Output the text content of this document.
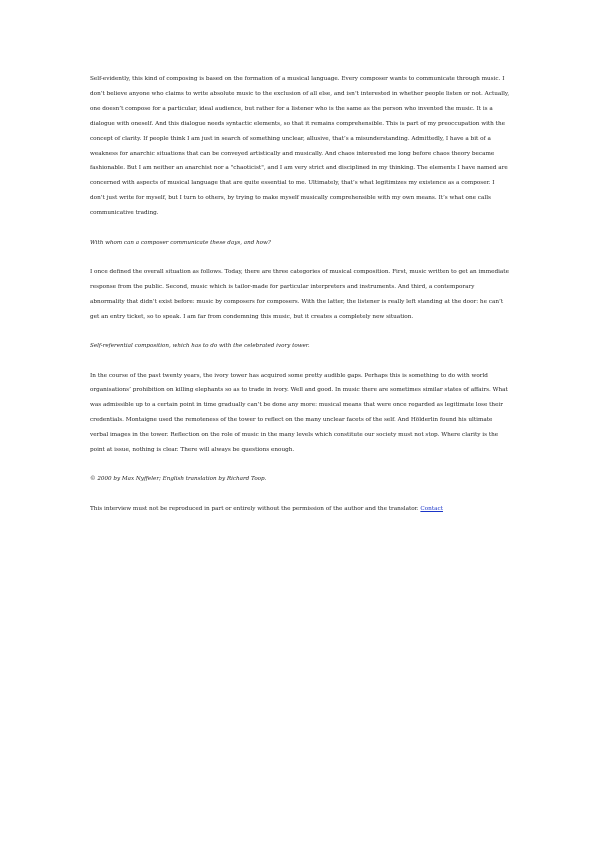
Self-evidently, this kind of composing is based on the formation of a musical language. Every composer wants to communicate through music. I don’t believe anyone who claims to write absolute music to the exclusion of all else, and isn’t interested in whether people listen or not. Actually, one doesn’t compose for a particular, ideal audience, but rather for a listener who is the same as the person who invented the music. It is a dialogue with oneself. And this dialogue needs syntactic elements, so that it remains comprehensible. This is part of my preoccupation with the concept of clarity. If people think I am just in search of something unclear, allusive, that’s a misunderstanding. Admittedly, I have a bit of a weakness for anarchic situations that can be conveyed artistically and musically. And chaos interested me long before chaos theory became fashionable. But I am neither an anarchist nor a "chaoticist", and I am very strict and disciplined in my thinking. The elements I have named are concerned with aspects of musical language that are quite essential to me. Ultimately, that’s what legitimizes my existence as a composer. I don’t just write for myself, but I turn to others, by trying to make myself musically comprehensible with my own means. It’s what one calls communicative trading.

With whom can a composer communicate these days, and how?

I once defined the overall situation as follows. Today, there are three categories of musical composition. First, music written to get an immediate response from the public. Second, music which is tailor-made for particular interpreters and instruments. And third, a contemporary abnormality that didn’t exist before: music by composers for composers. With the latter, the listener is really left standing at the door: he can’t get an entry ticket, so to speak. I am far from condemning this music, but it creates a completely new situation.

Self-referential composition, which has to do with the celebrated ivory tower.

In the course of the past twenty years, the ivory tower has acquired some pretty audible gaps. Perhaps this is something to do with world organisations’ prohibition on killing elephants so as to trade in ivory. Well and good. In music there are sometimes similar states of affairs. What was admissible up to a certain point in time gradually can’t be done any more: musical means that were once regarded as legitimate lose their credentials. Montaigne used the remoteness of the tower to reflect on the many unclear facets of the self. And Hölderlin found his ultimate verbal images in the tower. Reflection on the role of music in the many levels which constitute our society must not stop. Where clarity is the point at issue, nothing is clear. There will always be questions enough.

© 2000 by Max Nyffeler; English translation by Richard Toop.

This interview must not be reproduced in part or entirely without the permission of the author and the translator. Contact
